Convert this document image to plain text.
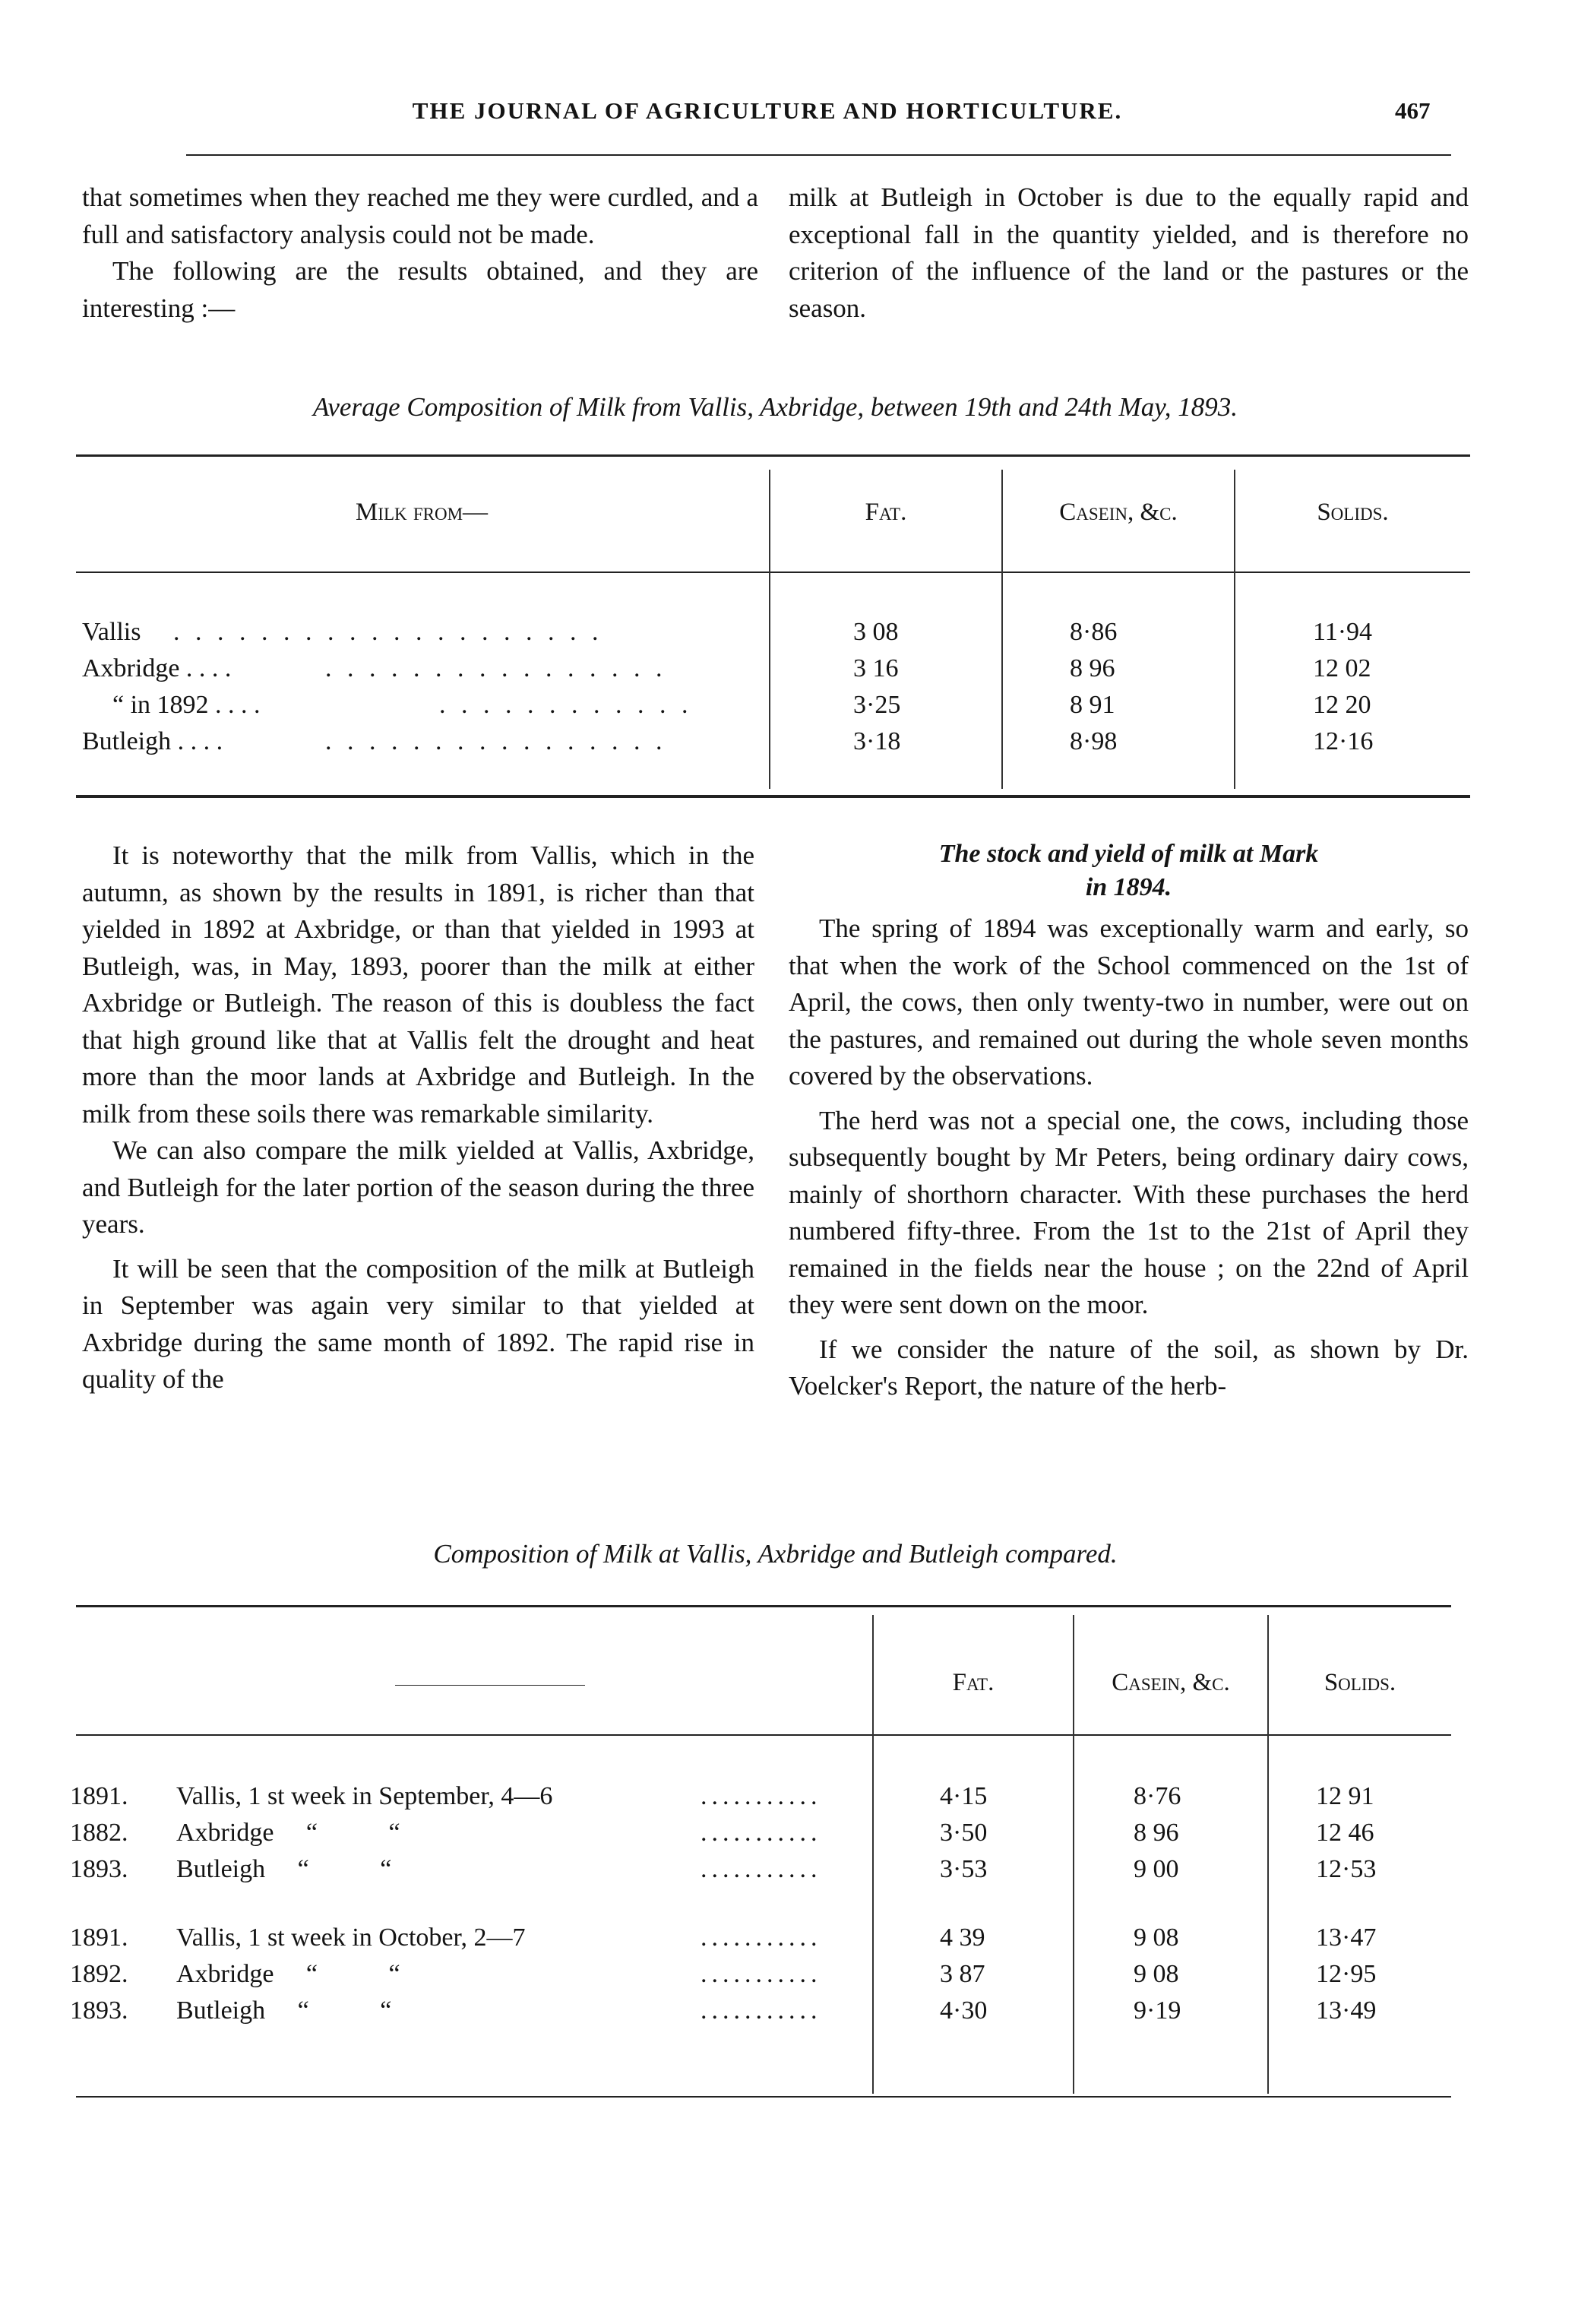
THE JOURNAL OF AGRICULTURE AND HORTICULTURE.	467

that sometimes when they reached me they were curdled, and a full and satisfactory analysis could not be made.

The following are the results obtained, and they are interesting :—

milk at Butleigh in October is due to the equally rapid and exceptional fall in the quantity yielded, and is therefore no criterion of the influence of the land or the pastures or the season.

Average Composition of Milk from Vallis, Axbridge, between 19th and 24th May, 1893.
Milk from—	Fat.	Casein, &c.	Solids.
Vallis . . . . . . . . . . . . . . . . . . . .	3 08	8·86	11·94
Axbridge . . . .	. . . . . . . . . . . . . . . .	3 16	8 96	12 02
“ in 1892 . . . .	. . . . . . . . . . . .	3·25	8 91	12 20
Butleigh . . . .	. . . . . . . . . . . . . . . .	3·18	8·98	12·16

It is noteworthy that the milk from Vallis, which in the autumn, as shown by the results in 1891, is richer than that yielded in 1892 at Axbridge, or than that yielded in 1993 at Butleigh, was, in May, 1893, poorer than the milk at either Axbridge or Butleigh. The reason of this is doubless the fact that high ground like that at Vallis felt the drought and heat more than the moor lands at Axbridge and Butleigh. In the milk from these soils there was remarkable similarity.

We can also compare the milk yielded at Vallis, Axbridge, and Butleigh for the later portion of the season during the three years.

It will be seen that the composition of the milk at Butleigh in September was again very similar to that yielded at Axbridge during the same month of 1892. The rapid rise in quality of the

The stock and yield of milk at Mark
in 1894.

The spring of 1894 was exceptionally warm and early, so that when the work of the School commenced on the 1st of April, the cows, then only twenty-two in number, were out on the pastures, and remained out during the whole seven months covered by the observations.

The herd was not a special one, the cows, including those subsequently bought by Mr Peters, being ordinary dairy cows, mainly of shorthorn character. With these purchases the herd numbered fifty-three. From the 1st to the 21st of April they remained in the fields near the house ; on the 22nd of April they were sent down on the moor.

If we consider the nature of the soil, as shown by Dr. Voelcker's Report, the nature of the herb-

Composition of Milk at Vallis, Axbridge and Butleigh compared.
Fat.	Casein, &c.	Solids.
1891. Vallis, 1 st week in September, 4—6	...........	4·15	8·76	12 91
1882. Axbridge     “           “	...........	3·50	8 96	12 46
1893. Butleigh     “           “	...........	3·53	9 00	12·53
1891. Vallis, 1 st week in October, 2—7	...........	4 39	9 08	13·47
1892. Axbridge     “           “	...........	3 87	9 08	12·95
1893. Butleigh     “           “	...........	4·30	9·19	13·49
